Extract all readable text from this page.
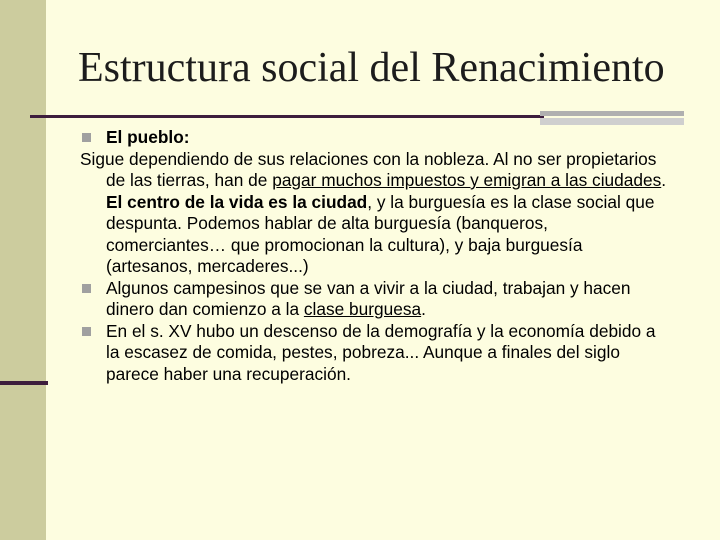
Estructura social del Renacimiento
El pueblo:

Sigue dependiendo de sus relaciones con la nobleza. Al no ser propietarios de las tierras, han de pagar muchos impuestos y emigran a las ciudades. El centro de la vida es la ciudad, y la burguesía es la clase social que despunta. Podemos hablar de alta burguesía (banqueros, comerciantes… que promocionan la cultura), y baja burguesía (artesanos, mercaderes...)

Algunos campesinos que se van a vivir a la ciudad, trabajan y hacen dinero dan comienzo a la clase burguesa.
En el s. XV hubo un descenso de la demografía y la economía debido a la escasez de comida, pestes, pobreza... Aunque a finales del siglo parece haber una recuperación.
